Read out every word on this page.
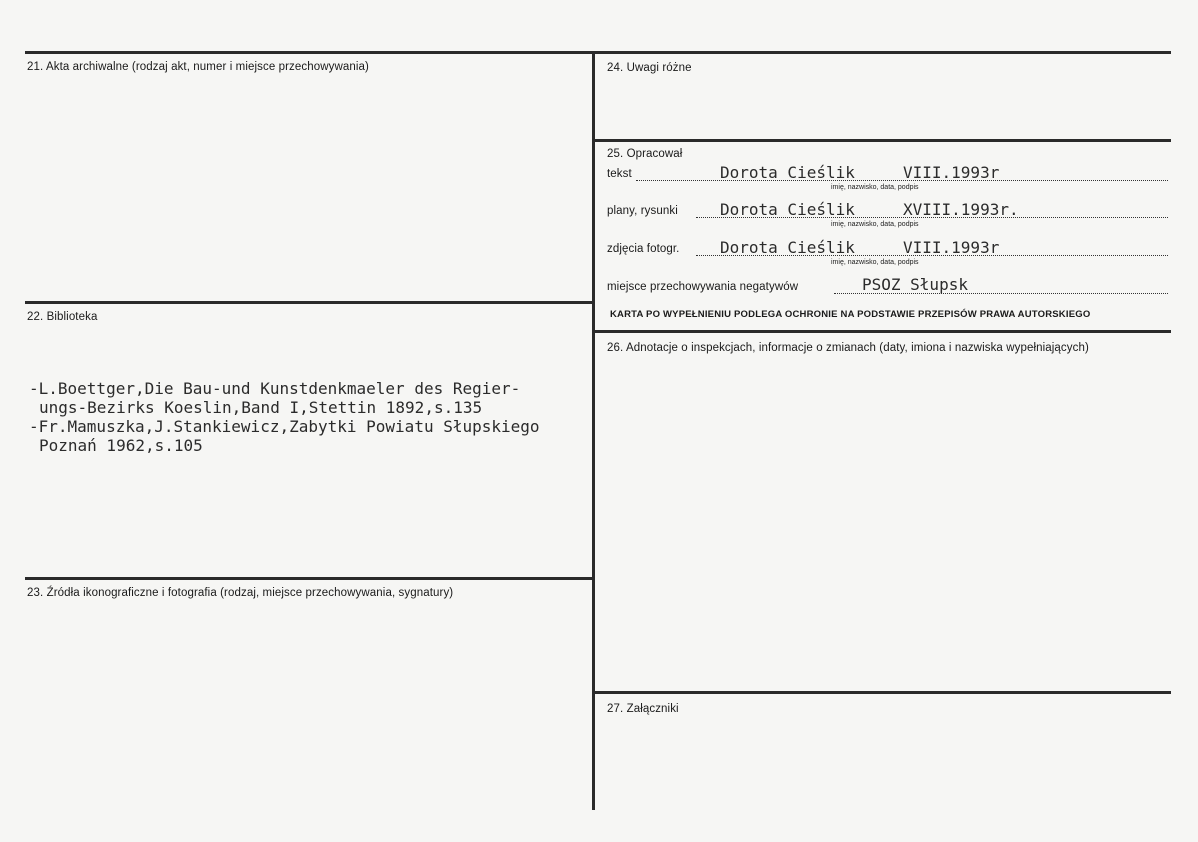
21. Akta archiwalne (rodzaj akt, numer i miejsce przechowywania)
22. Biblioteka
-L.Boettger,Die Bau-und Kunstdenkmaeler des Regier-
ungs-Bezirks Koeslin,Band I,Stettin 1892,s.135
-Fr.Mamuszka,J.Stankiewicz,Zabytki Powiatu Słupskiego
Poznań 1962,s.105
23. Źródła ikonograficzne i fotografia (rodzaj, miejsce przechowywania, sygnatury)
24. Uwagi różne
25. Opracował
tekst	Dorota Cieślik	VIII.1993r
imię, nazwisko, data, podpis
plany, rysunki	Dorota Cieślik	XVIII.1993r.
imię, nazwisko, data, podpis
zdjęcia fotogr.	Dorota Cieślik	VIII.1993r
imię, nazwisko, data, podpis
miejsce przechowywania negatywów	PSOZ Słupsk
KARTA PO WYPEŁNIENIU PODLEGA OCHRONIE NA PODSTAWIE PRZEPISÓW PRAWA AUTORSKIEGO
26. Adnotacje o inspekcjach, informacje o zmianach (daty, imiona i nazwiska wypełniających)
27. Załączniki
